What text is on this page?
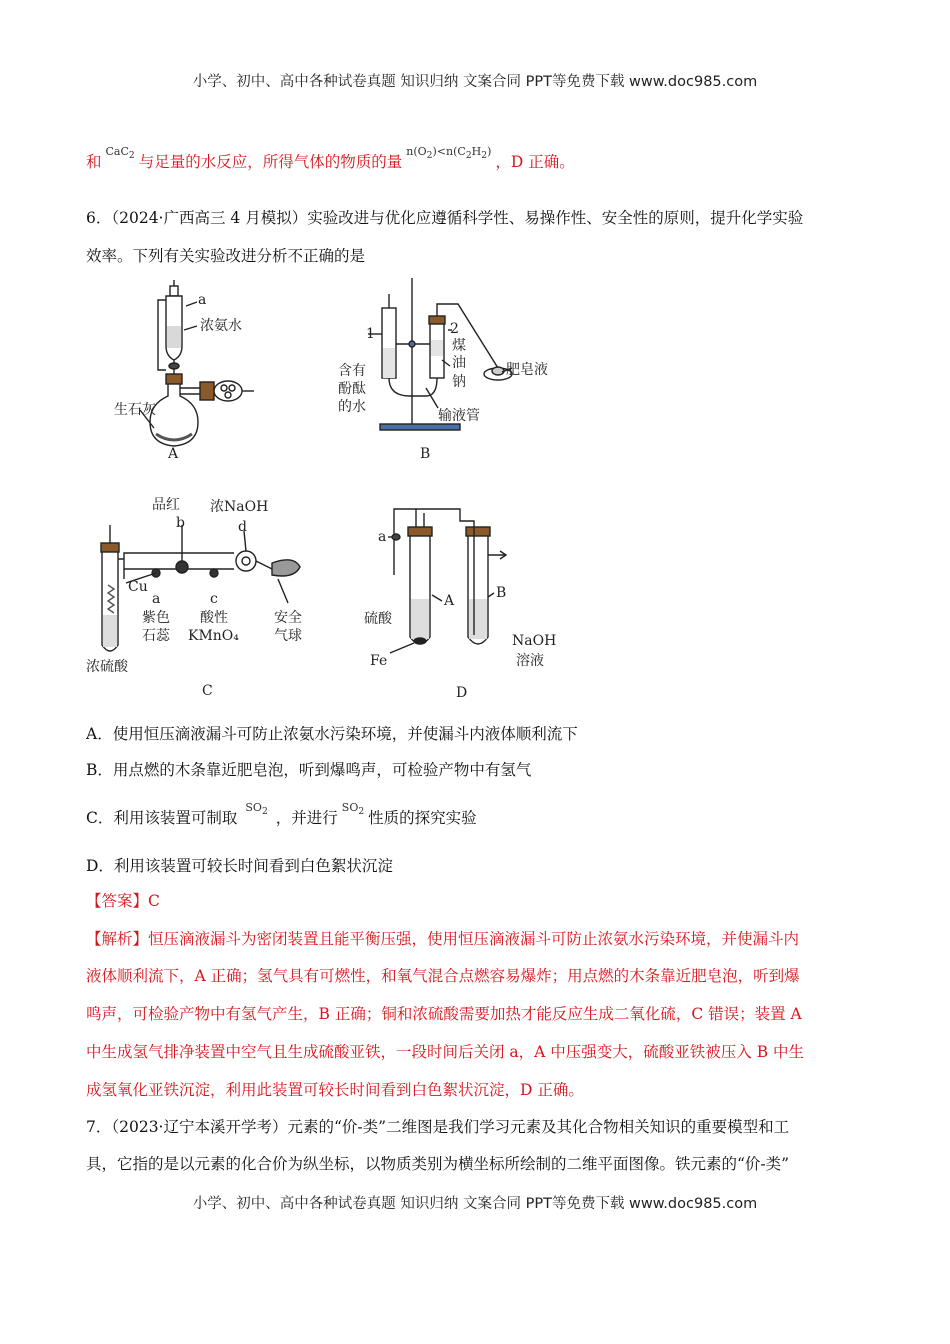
小学、初中、高中各种试卷真题 知识归纳 文案合同 PPT等免费下载 www.doc985.com
和$^{CaC_2}$ 与足量的水反应，所得气体的物质的量$^{n(O_2)<n(C_2H_2)}$，D 正确。
6．（2024·广西高三 4 月模拟）实验改进与优化应遵循科学性、易操作性、安全性的原则，提升化学实验
效率。下列有关实验改进分析不正确的是
a
浓氨水
生石灰
A
1	2
煤
油
钠
含有
酚酞
的水
肥皂液
输液管
B
品红
b
浓NaOH
d
Cu
a
紫色
石蕊
c
酸性
KMnO₄
安全
气球
浓硫酸
C
a
A	B
硫酸
Fe
NaOH
溶液
D
A．使用恒压滴液漏斗可防止浓氨水污染环境，并使漏斗内液体顺利流下
B．用点燃的木条靠近肥皂泡，听到爆鸣声，可检验产物中有氢气
C．利用该装置可制取$^{SO_2}$ ，并进行$^{SO_2}$ 性质的探究实验
D．利用该装置可较长时间看到白色絮状沉淀
【答案】C
【解析】恒压滴液漏斗为密闭装置且能平衡压强，使用恒压滴液漏斗可防止浓氨水污染环境，并使漏斗内
液体顺利流下，A 正确；氢气具有可燃性，和氧气混合点燃容易爆炸；用点燃的木条靠近肥皂泡，听到爆
鸣声，可检验产物中有氢气产生，B 正确；铜和浓硫酸需要加热才能反应生成二氧化硫，C 错误；装置 A
中生成氢气排净装置中空气且生成硫酸亚铁，一段时间后关闭 a，A 中压强变大，硫酸亚铁被压入 B 中生
成氢氧化亚铁沉淀，利用此装置可较长时间看到白色絮状沉淀，D 正确。
7．（2023·辽宁本溪开学考）元素的“价-类”二维图是我们学习元素及其化合物相关知识的重要模型和工
具，它指的是以元素的化合价为纵坐标，以物质类别为横坐标所绘制的二维平面图像。铁元素的“价-类”
小学、初中、高中各种试卷真题 知识归纳 文案合同 PPT等免费下载 www.doc985.com
